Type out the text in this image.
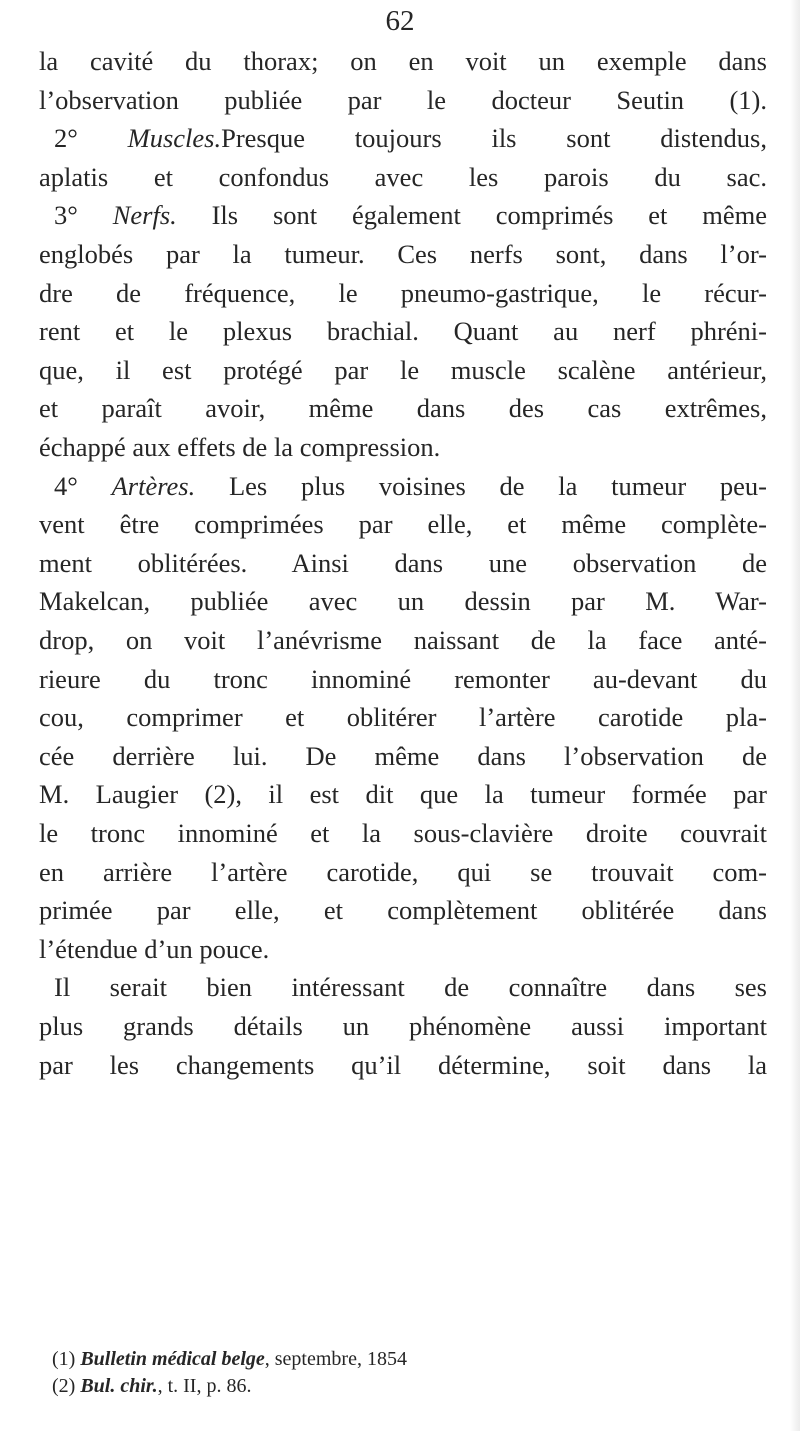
62
la cavité du thorax; on en voit un exemple dans
l’observation publiée par le docteur Seutin (1).
2° Muscles.Presque toujours ils sont distendus,
aplatis et confondus avec les parois du sac.
3° Nerfs. Ils sont également comprimés et même
englobés par la tumeur. Ces nerfs sont, dans l’or-
dre de fréquence, le pneumo-gastrique, le récur-
rent et le plexus brachial. Quant au nerf phréni-
que, il est protégé par le muscle scalène antérieur,
et paraît avoir, même dans des cas extrêmes,
échappé aux effets de la compression.
4° Artères. Les plus voisines de la tumeur peu-
vent être comprimées par elle, et même complète-
ment oblitérées. Ainsi dans une observation de
Makelcan, publiée avec un dessin par M. War-
drop, on voit l’anévrisme naissant de la face anté-
rieure du tronc innominé remonter au-devant du
cou, comprimer et oblitérer l’artère carotide pla-
cée derrière lui. De même dans l’observation de
M. Laugier (2), il est dit que la tumeur formée par
le tronc innominé et la sous-clavière droite couvrait
en arrière l’artère carotide, qui se trouvait com-
primée par elle, et complètement oblitérée dans
l’étendue d’un pouce.
Il serait bien intéressant de connaître dans ses
plus grands détails un phénomène aussi important
par les changements qu’il détermine, soit dans la
(1) Bulletin médical belge, septembre, 1854
(2) Bul. chir., t. II, p. 86.
